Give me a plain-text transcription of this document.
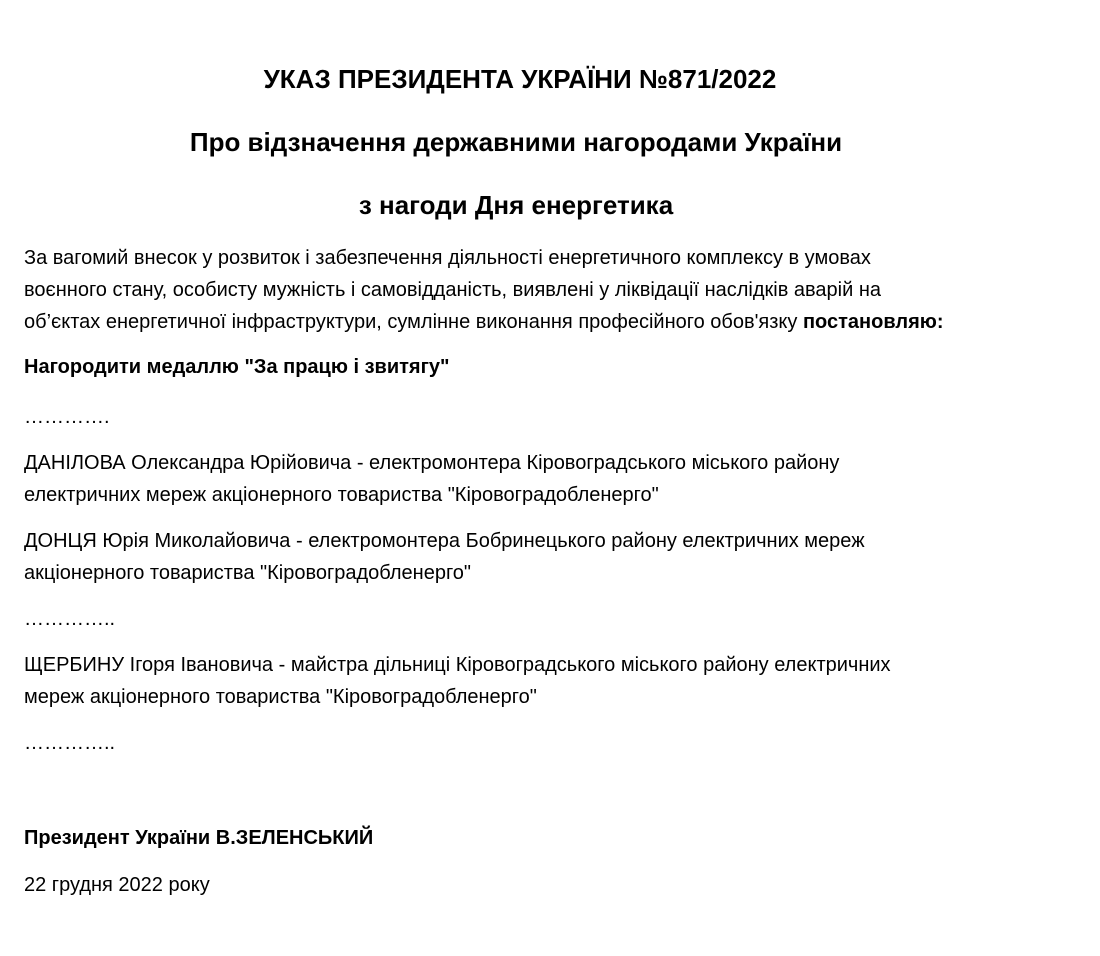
УКАЗ ПРЕЗИДЕНТА УКРАЇНИ №871/2022
Про відзначення державними нагородами України
з нагоди Дня енергетика

За вагомий внесок у розвиток і забезпечення діяльності енергетичного комплексу в умовах
воєнного стану, особисту мужність і самовідданість, виявлені у ліквідації наслідків аварій на
об’єктах енергетичної інфраструктури, сумлінне виконання професійного обов'язку постановляю:

Нагородити медаллю "За працю і звитягу"

………….

ДАНІЛОВА Олександра Юрійовича - електромонтера Кіровоградського міського району
електричних мереж акціонерного товариства "Кіровоградобленерго"

ДОНЦЯ Юрія Миколайовича - електромонтера Бобринецького району електричних мереж
акціонерного товариства "Кіровоградобленерго"

…………..

ЩЕРБИНУ Ігоря Івановича - майстра дільниці Кіровоградського міського району електричних
мереж акціонерного товариства "Кіровоградобленерго"

…………..

Президент України В.ЗЕЛЕНСЬКИЙ

22 грудня 2022 року
